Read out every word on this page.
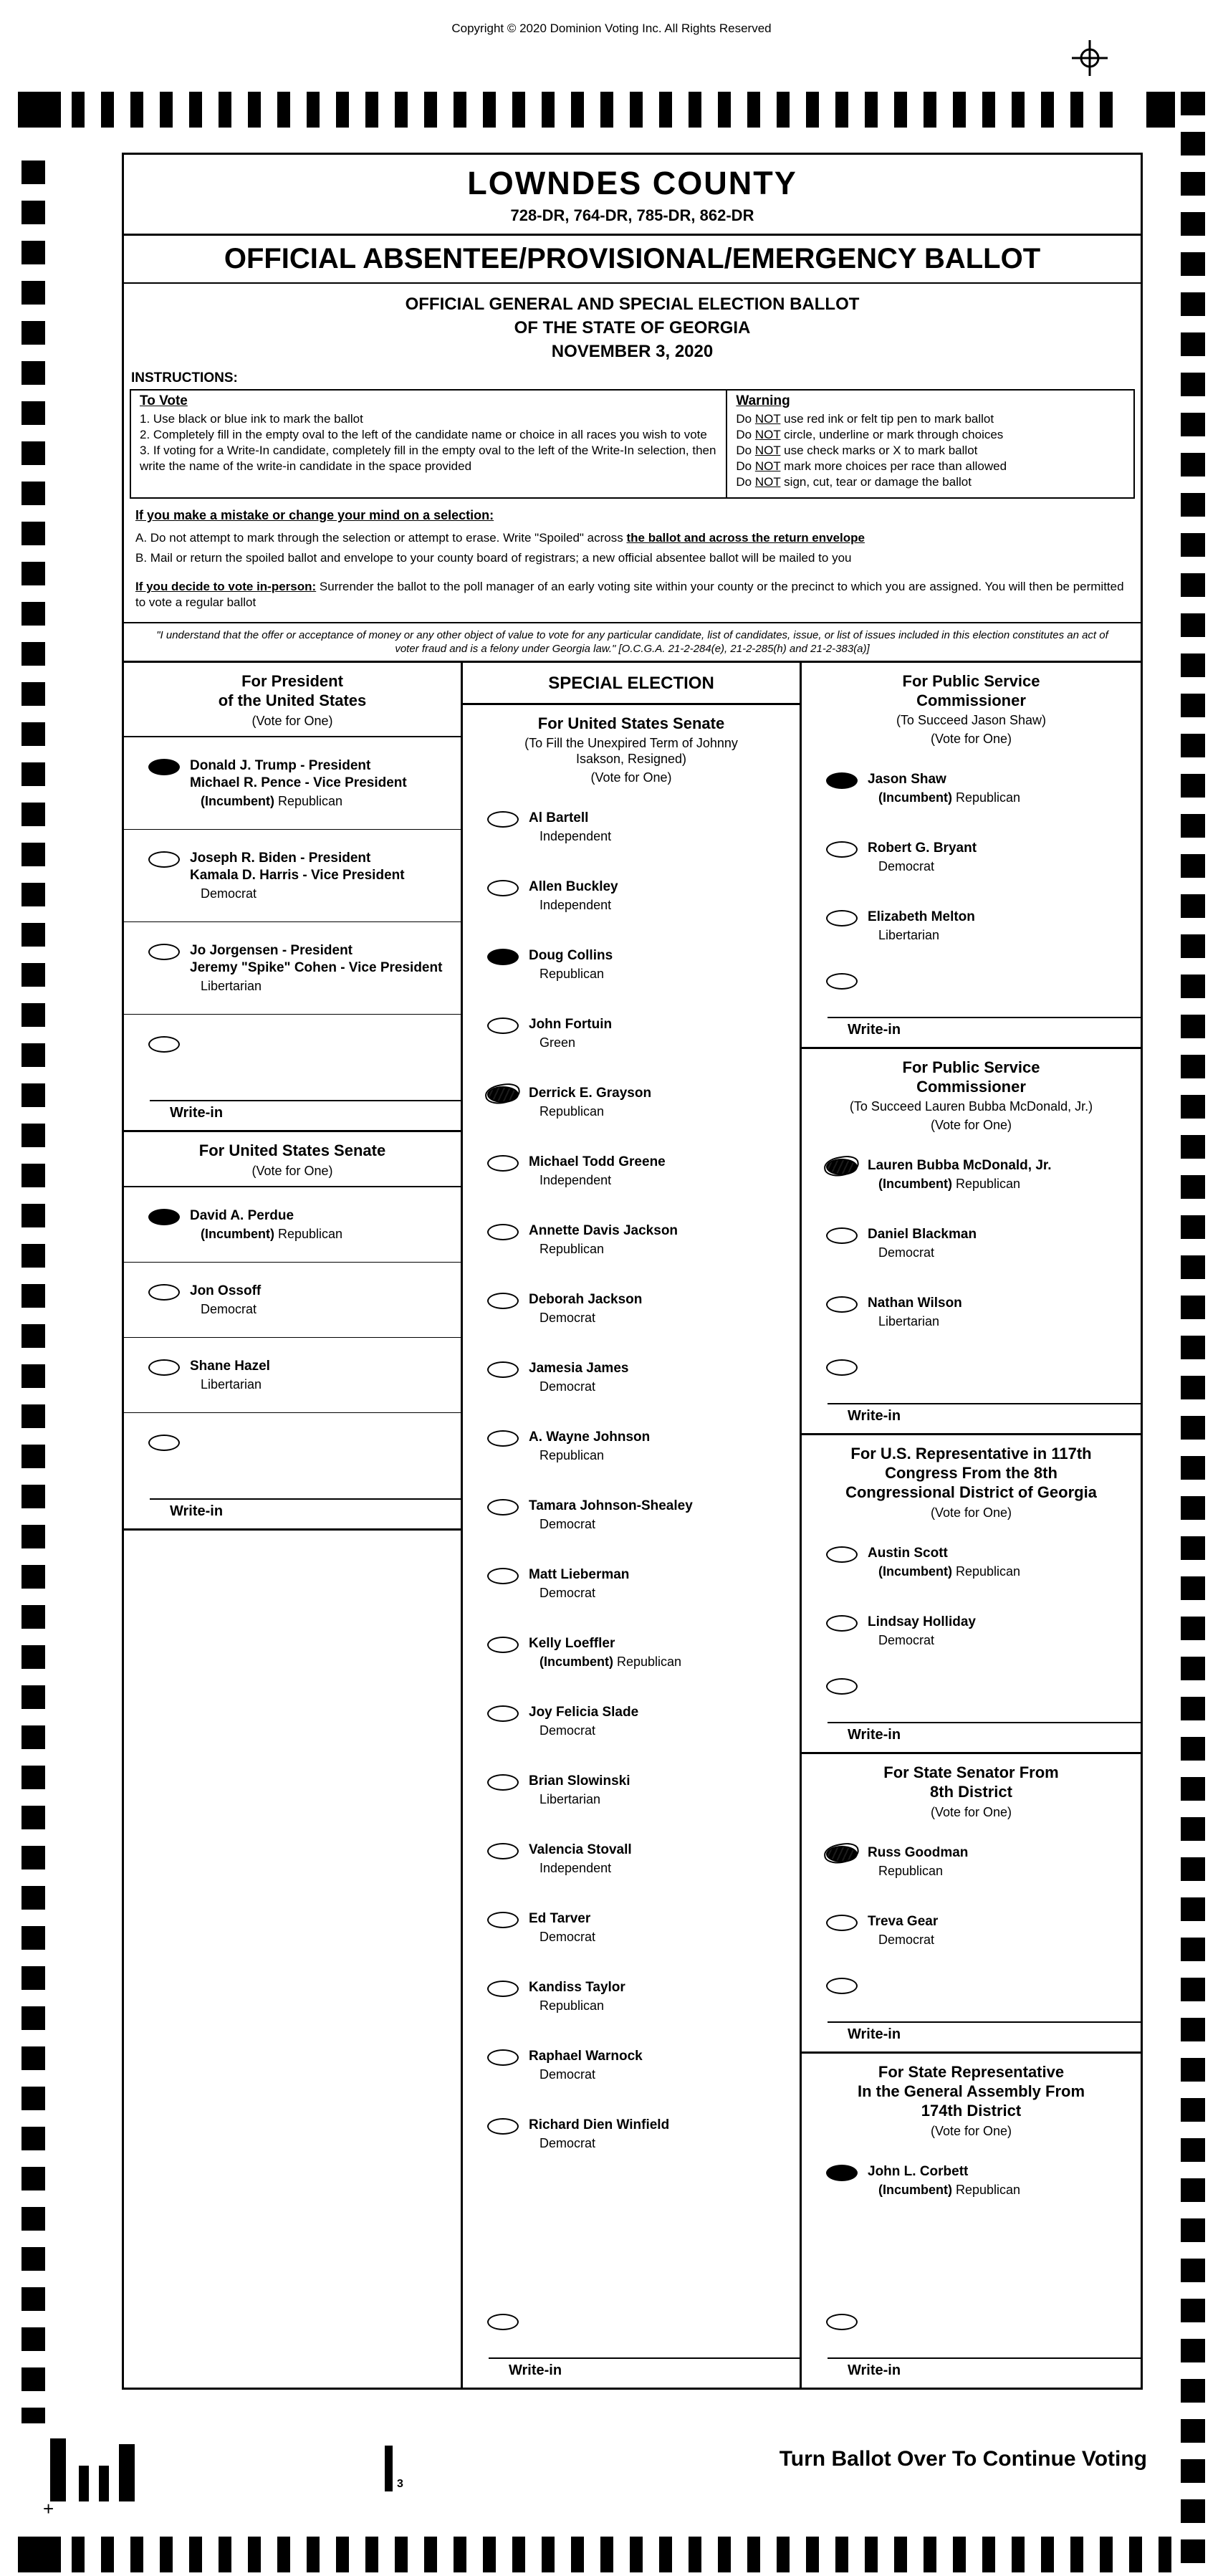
Copyright © 2020 Dominion Voting Inc. All Rights Reserved
LOWNDES COUNTY
728-DR, 764-DR, 785-DR, 862-DR
OFFICIAL ABSENTEE/PROVISIONAL/EMERGENCY BALLOT
OFFICIAL GENERAL AND SPECIAL ELECTION BALLOT
OF THE STATE OF GEORGIA
NOVEMBER 3, 2020
INSTRUCTIONS:
To Vote
1. Use black or blue ink to mark the ballot
2. Completely fill in the empty oval to the left of the candidate name or choice in all races you wish to vote
3. If voting for a Write-In candidate, completely fill in the empty oval to the left of the Write-In selection, then write the name of the write-in candidate in the space provided
Warning
Do NOT use red ink or felt tip pen to mark ballot
Do NOT circle, underline or mark through choices
Do NOT use check marks or X to mark ballot
Do NOT mark more choices per race than allowed
Do NOT sign, cut, tear or damage the ballot
If you make a mistake or change your mind on a selection:

A. Do not attempt to mark through the selection or attempt to erase. Write "Spoiled" across the ballot and across the return envelope

B. Mail or return the spoiled ballot and envelope to your county board of registrars; a new official absentee ballot will be mailed to you

If you decide to vote in-person: Surrender the ballot to the poll manager of an early voting site within your county or the precinct to which you are assigned. You will then be permitted to vote a regular ballot

"I understand that the offer or acceptance of money or any other object of value to vote for any particular candidate, list of candidates, issue, or list of issues included in this election constitutes an act of voter fraud and is a felony under Georgia law." [O.C.G.A. 21-2-284(e), 21-2-285(h) and 21-2-383(a)]
For President
of the United States
(Vote for One)
Donald J. Trump - President
Michael R. Pence - Vice President
(Incumbent) Republican
Joseph R. Biden - President
Kamala D. Harris - Vice President
Democrat
Jo Jorgensen - President
Jeremy "Spike" Cohen - Vice President
Libertarian
Write-in
For United States Senate
(Vote for One)
David A. Perdue
(Incumbent) Republican
Jon Ossoff
Democrat
Shane Hazel
Libertarian
Write-in
SPECIAL ELECTION
For United States Senate
(To Fill the Unexpired Term of Johnny
Isakson, Resigned)
(Vote for One)
Al Bartell
Independent
Allen Buckley
Independent
Doug Collins
Republican
John Fortuin
Green
Derrick E. Grayson
Republican
Michael Todd Greene
Independent
Annette Davis Jackson
Republican
Deborah Jackson
Democrat
Jamesia James
Democrat
A. Wayne Johnson
Republican
Tamara Johnson-Shealey
Democrat
Matt Lieberman
Democrat
Kelly Loeffler
(Incumbent) Republican
Joy Felicia Slade
Democrat
Brian Slowinski
Libertarian
Valencia Stovall
Independent
Ed Tarver
Democrat
Kandiss Taylor
Republican
Raphael Warnock
Democrat
Richard Dien Winfield
Democrat
Write-in
For Public Service
Commissioner
(To Succeed Jason Shaw)
(Vote for One)
Jason Shaw
(Incumbent) Republican
Robert G. Bryant
Democrat
Elizabeth Melton
Libertarian
Write-in
For Public Service
Commissioner
(To Succeed Lauren Bubba McDonald, Jr.)
(Vote for One)
Lauren Bubba McDonald, Jr.
(Incumbent) Republican
Daniel Blackman
Democrat
Nathan Wilson
Libertarian
Write-in
For U.S. Representative in 117th
Congress From the 8th
Congressional District of Georgia
(Vote for One)
Austin Scott
(Incumbent) Republican
Lindsay Holliday
Democrat
Write-in
For State Senator From
8th District
(Vote for One)
Russ Goodman
Republican
Treva Gear
Democrat
Write-in
For State Representative
In the General Assembly From
174th District
(Vote for One)
John L. Corbett
(Incumbent) Republican
Write-in
3
+
Turn Ballot Over To Continue Voting
